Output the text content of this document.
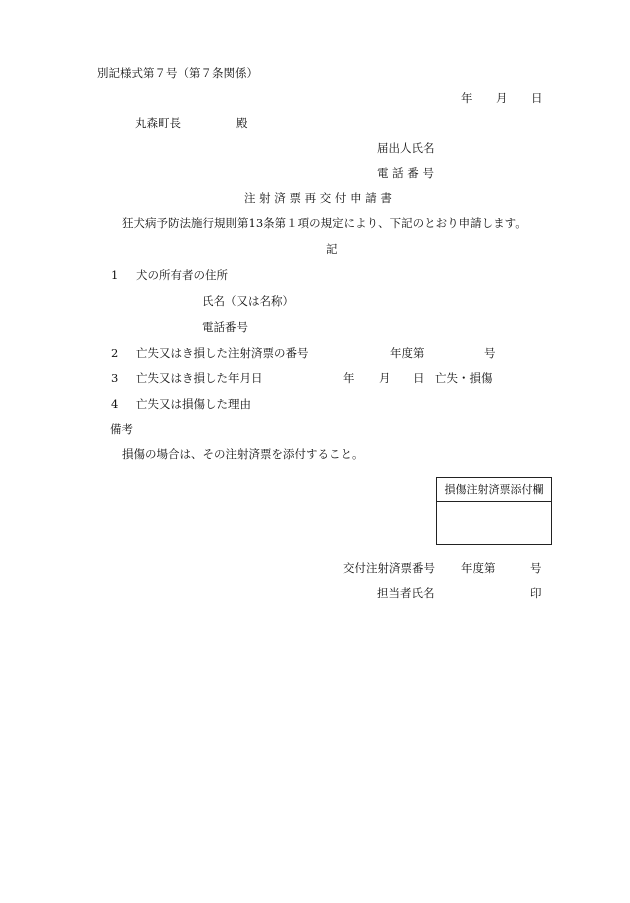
別記様式第７号（第７条関係）
年 月 日
丸森町長	殿
届出人氏名
電 話 番 号
注 射 済 票 再 交 付 申 請 書
狂犬病予防法施行規則第13条第１項の規定により、下記のとおり申請します。
記
1 犬の所有者の住所
氏名（又は名称）
電話番号
2 亡失又はき損した注射済票の番号	年度第	号
3 亡失又はき損した年月日	年 月 日 亡失・損傷
4 亡失又は損傷した理由
備考
損傷の場合は、その注射済票を添付すること。
損傷注射済票添付欄
交付注射済票番号 年度第	号
担当者氏名	印
